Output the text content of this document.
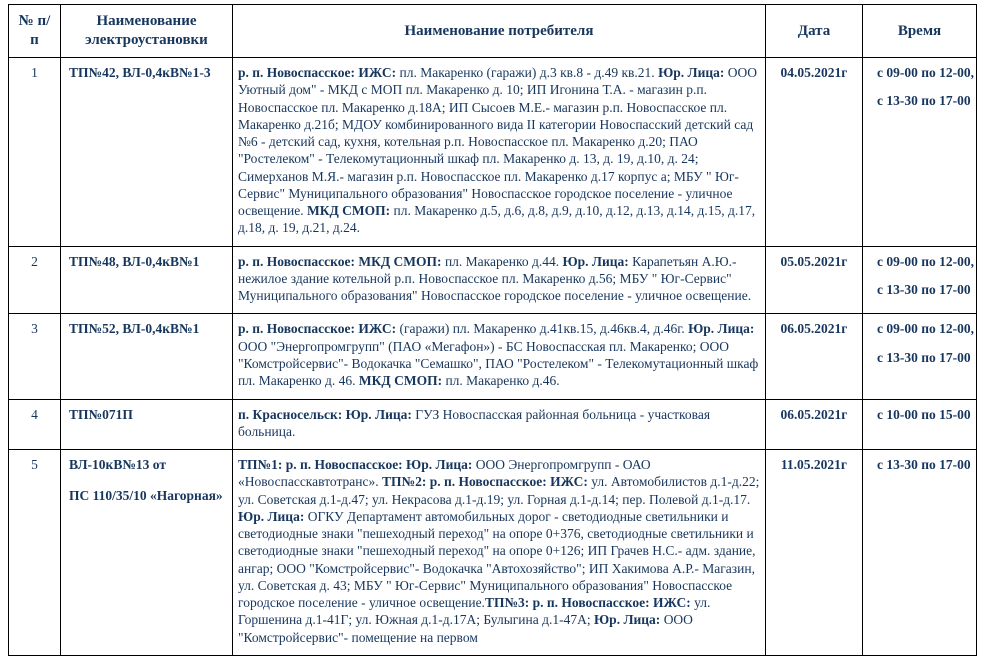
№ п/п	Наименование электроустановки	Наименование потребителя	Дата	Время
1	ТП№42, ВЛ-0,4кВ№1-3	р. п. Новоспасское: ИЖС: пл. Макаренко (гаражи) д.3 кв.8 - д.49 кв.21. Юр. Лица: ООО Уютный дом" - МКД с МОП пл. Макаренко д. 10; ИП Игонина Т.А. - магазин р.п. Новоспасское пл. Макаренко д.18А; ИП Сысоев М.Е.- магазин р.п. Новоспасское пл. Макаренко д.21б; МДОУ комбинированного вида II категории Новоспасский детский сад №6 - детский сад, кухня, котельная р.п. Новоспасское пл. Макаренко д.20; ПАО "Ростелеком" - Телекомутационный шкаф пл. Макаренко д. 13, д. 19, д.10, д. 24; Симерханов М.Я.- магазин р.п. Новоспасское пл. Макаренко д.17 корпус а; МБУ " Юг-Сервис" Муниципального образования" Новоспасское городское поселение - уличное освещение. МКД СМОП: пл. Макаренко д.5, д.6, д.8, д.9, д.10, д.12, д.13, д.14, д.15, д.17, д.18, д. 19, д.21, д.24.	04.05.2021г	с 09-00 по 12-00,
с 13-30 по 17-00

2	ТП№48, ВЛ-0,4кВ№1	р. п. Новоспасское: МКД СМОП: пл. Макаренко д.44. Юр. Лица: Карапетьян А.Ю.- нежилое здание котельной р.п. Новоспасское пл. Макаренко д.56; МБУ " Юг-Сервис" Муниципального образования" Новоспасское городское поселение - уличное освещение.	05.05.2021г	с 09-00 по 12-00,
с 13-30 по 17-00

3	ТП№52, ВЛ-0,4кВ№1	р. п. Новоспасское: ИЖС: (гаражи) пл. Макаренко д.41кв.15, д.46кв.4, д.46г. Юр. Лица: ООО "Энергопромгрупп" (ПАО «Мегафон») - БС Новоспасская пл. Макаренко; ООО "Комстройсервис"- Водокачка "Семашко", ПАО "Ростелеком" - Телекомутационный шкаф пл. Макаренко д. 46. МКД СМОП: пл. Макаренко д.46.	06.05.2021г	с 09-00 по 12-00,
с 13-30 по 17-00

4	ТП№071П	п. Красносельск: Юр. Лица: ГУЗ Новоспасская районная больница - участковая больница.	06.05.2021г	с 10-00 по 15-00

5	ВЛ-10кВ№13 от
ПС 110/35/10 «Нагорная»	ТП№1: р. п. Новоспасское: Юр. Лица: ООО Энергопромгрупп - ОАО «Новоспасскавтотранс». ТП№2: р. п. Новоспасское: ИЖС: ул. Автомобилистов д.1-д.22; ул. Советская д.1-д.47; ул. Некрасова д.1-д.19; ул. Горная д.1-д.14; пер. Полевой д.1-д.17. Юр. Лица: ОГКУ Департамент автомобильных дорог - светодиодные светильники и светодиодные знаки "пешеходный переход" на опоре 0+376, светодиодные светильники и светодиодные знаки "пешеходный переход" на опоре 0+126; ИП Грачев Н.С.- адм. здание, ангар; ООО "Комстройсервис"- Водокачка "Автохозяйство"; ИП Хакимова А.Р.- Магазин, ул. Советская д. 43; МБУ " Юг-Сервис" Муниципального образования" Новоспасское городское поселение - уличное освещение.ТП№3: р. п. Новоспасское: ИЖС: ул. Горшенина д.1-41Г; ул. Южная д.1-д.17А; Булыгина д.1-47А; Юр. Лица: ООО "Комстройсервис"- помещение на первом	11.05.2021г	с 13-30 по 17-00
